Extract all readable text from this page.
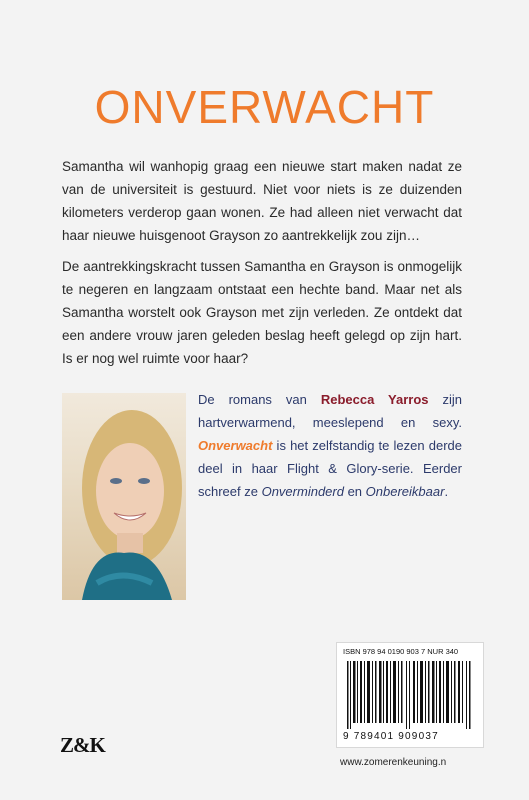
ONVERWACHT

Samantha wil wanhopig graag een nieuwe start maken nadat ze van de universiteit is gestuurd. Niet voor niets is ze duizenden kilometers verderop gaan wonen. Ze had alleen niet verwacht dat haar nieuwe huisgenoot Grayson zo aantrekkelijk zou zijn…

De aantrekkingskracht tussen Samantha en Grayson is onmogelijk te negeren en langzaam ontstaat een hechte band. Maar net als Samantha worstelt ook Grayson met zijn verleden. Ze ontdekt dat een andere vrouw jaren geleden beslag heeft gelegd op zijn hart. Is er nog wel ruimte voor haar?

De romans van Rebecca Yarros zijn hartverwarmend, meeslepend en sexy. Onverwacht is het zelfstandig te lezen derde deel in haar Flight & Glory-serie. Eerder schreef ze Onverminderd en Onbereikbaar.

ISBN 978 94 0190 903 7 NUR 340
9 789401 909037
Z&K
www.zomerenkeuning.n
